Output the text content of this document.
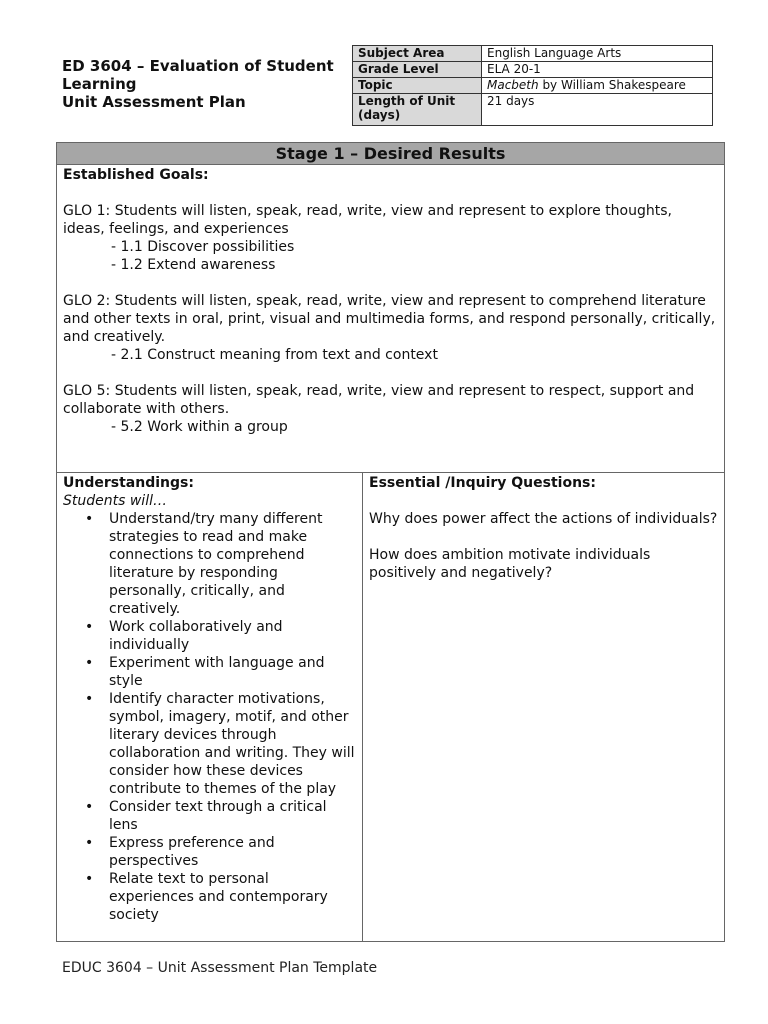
ED 3604 – Evaluation of Student Learning
Unit Assessment Plan
Subject Area	English Language Arts
Grade Level	ELA 20-1
Topic	Macbeth by William Shakespeare
Length of Unit (days)	21 days
Stage 1 – Desired Results

Established Goals:

GLO 1: Students will listen, speak, read, write, view and represent to explore thoughts, ideas, feelings, and experiences

- 1.1 Discover possibilities

- 1.2 Extend awareness

GLO 2: Students will listen, speak, read, write, view and represent to comprehend literature and other texts in oral, print, visual and multimedia forms, and respond personally, critically, and creatively.

- 2.1 Construct meaning from text and context

GLO 5: Students will listen, speak, read, write, view and represent to respect, support and collaborate with others.

- 5.2 Work within a group

Understandings:
Students will…
• Understand/try many different strategies to read and make connections to comprehend literature by responding personally, critically, and creatively.
• Work collaboratively and individually
• Experiment with language and style
• Identify character motivations, symbol, imagery, motif, and other literary devices through collaboration and writing. They will consider how these devices contribute to themes of the play
• Consider text through a critical lens
• Express preference and perspectives
• Relate text to personal experiences and contemporary society
Essential /Inquiry Questions:

Why does power affect the actions of individuals?

How does ambition motivate individuals positively and negatively?

EDUC 3604 – Unit Assessment Plan Template
